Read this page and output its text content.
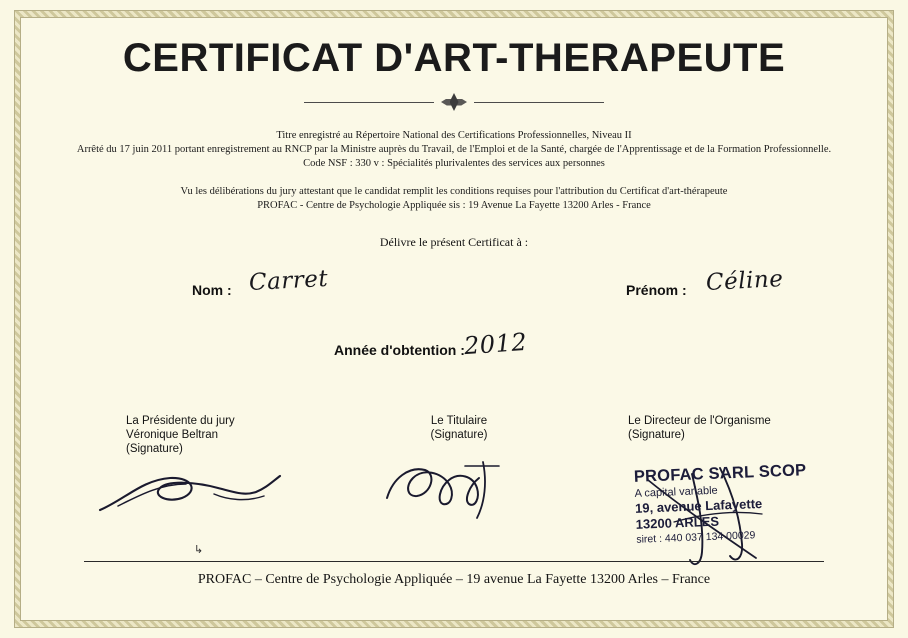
CERTIFICAT D'ART-THERAPEUTE
Titre enregistré au Répertoire National des Certifications Professionnelles, Niveau II
Arrêté du 17 juin 2011 portant enregistrement au RNCP par la Ministre auprès du Travail, de l'Emploi et de la Santé, chargée de l'Apprentissage et de la Formation Professionnelle.
Code NSF : 330 v : Spécialités plurivalentes des services aux personnes
Vu les délibérations du jury attestant que le candidat remplit les conditions requises pour l'attribution du Certificat d'art-thérapeute
PROFAC - Centre de Psychologie Appliquée sis : 19 Avenue La Fayette 13200 Arles - France
Délivre le présent Certificat à :
Nom : Carret	Prénom : Céline
Année d'obtention :
2012
La Présidente du jury
Véronique Beltran
(Signature)
Le Titulaire
(Signature)
Le Directeur de l'Organisme
(Signature)
PROFAC SARL SCOP
A capital variable
19, avenue Lafayette
13200 ARLES
siret : 440 037 134 00029
↳
PROFAC – Centre de Psychologie Appliquée – 19 avenue La Fayette 13200 Arles – France
